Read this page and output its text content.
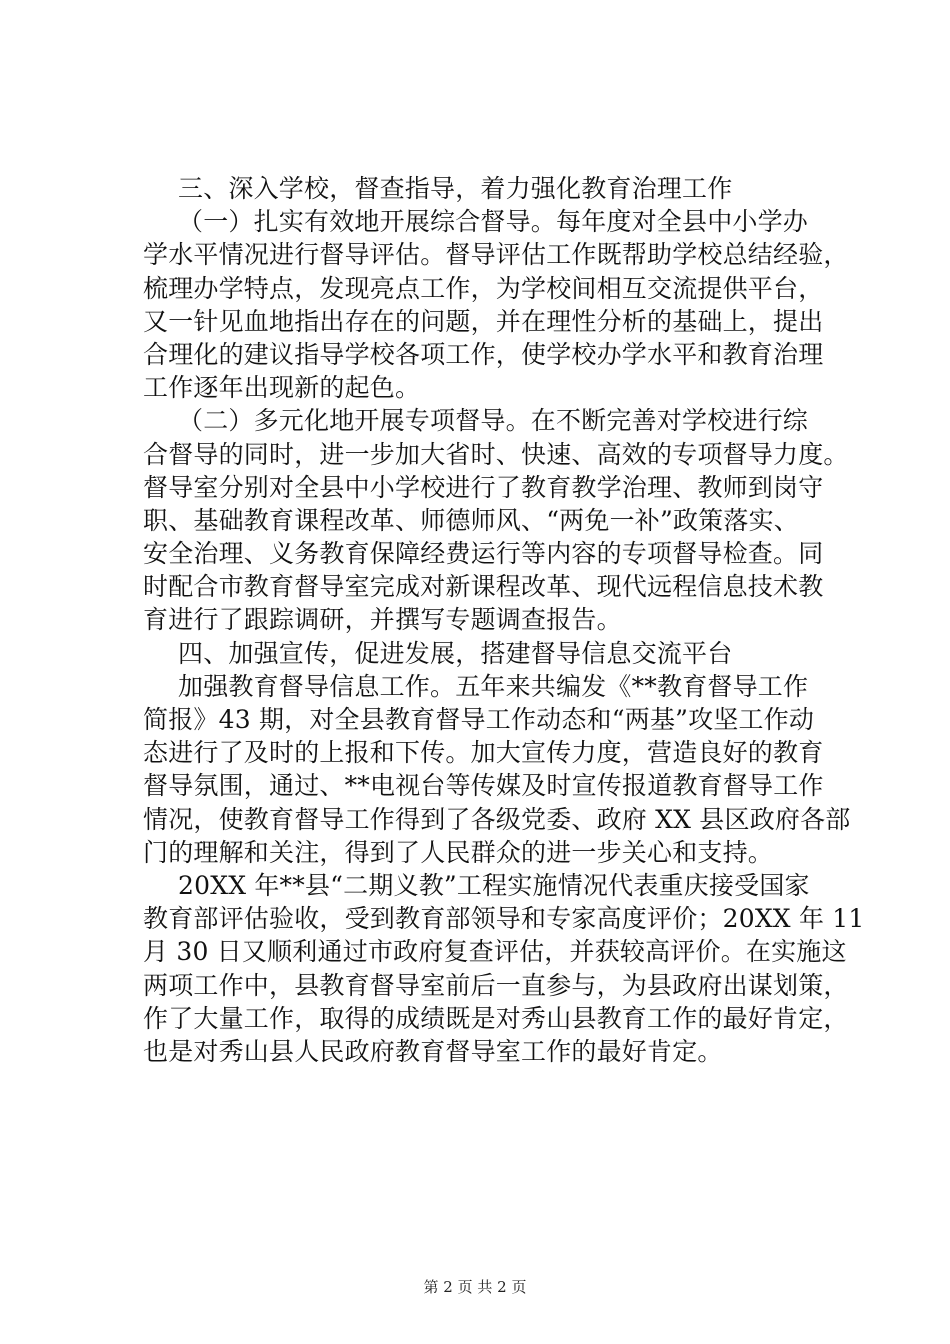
三、深入学校，督查指导，着力强化教育治理工作
（一）扎实有效地开展综合督导。每年度对全县中小学办
学水平情况进行督导评估。督导评估工作既帮助学校总结经验，
梳理办学特点，发现亮点工作，为学校间相互交流提供平台，
又一针见血地指出存在的问题，并在理性分析的基础上，提出
合理化的建议指导学校各项工作，使学校办学水平和教育治理
工作逐年出现新的起色。
（二）多元化地开展专项督导。在不断完善对学校进行综
合督导的同时，进一步加大省时、快速、高效的专项督导力度。
督导室分别对全县中小学校进行了教育教学治理、教师到岗守
职、基础教育课程改革、师德师风、“两免一补”政策落实、
安全治理、义务教育保障经费运行等内容的专项督导检查。同
时配合市教育督导室完成对新课程改革、现代远程信息技术教
育进行了跟踪调研，并撰写专题调查报告。
四、加强宣传，促进发展，搭建督导信息交流平台
加强教育督导信息工作。五年来共编发《**教育督导工作
简报》43 期，对全县教育督导工作动态和“两基”攻坚工作动
态进行了及时的上报和下传。加大宣传力度，营造良好的教育
督导氛围，通过、**电视台等传媒及时宣传报道教育督导工作
情况，使教育督导工作得到了各级党委、政府 XX 县区政府各部
门的理解和关注，得到了人民群众的进一步关心和支持。
20XX 年**县“二期义教”工程实施情况代表重庆接受国家
教育部评估验收，受到教育部领导和专家高度评价；20XX 年 11
月 30 日又顺利通过市政府复查评估，并获较高评价。在实施这
两项工作中，县教育督导室前后一直参与，为县政府出谋划策，
作了大量工作，取得的成绩既是对秀山县教育工作的最好肯定，
也是对秀山县人民政府教育督导室工作的最好肯定。
第 2 页 共 2 页
